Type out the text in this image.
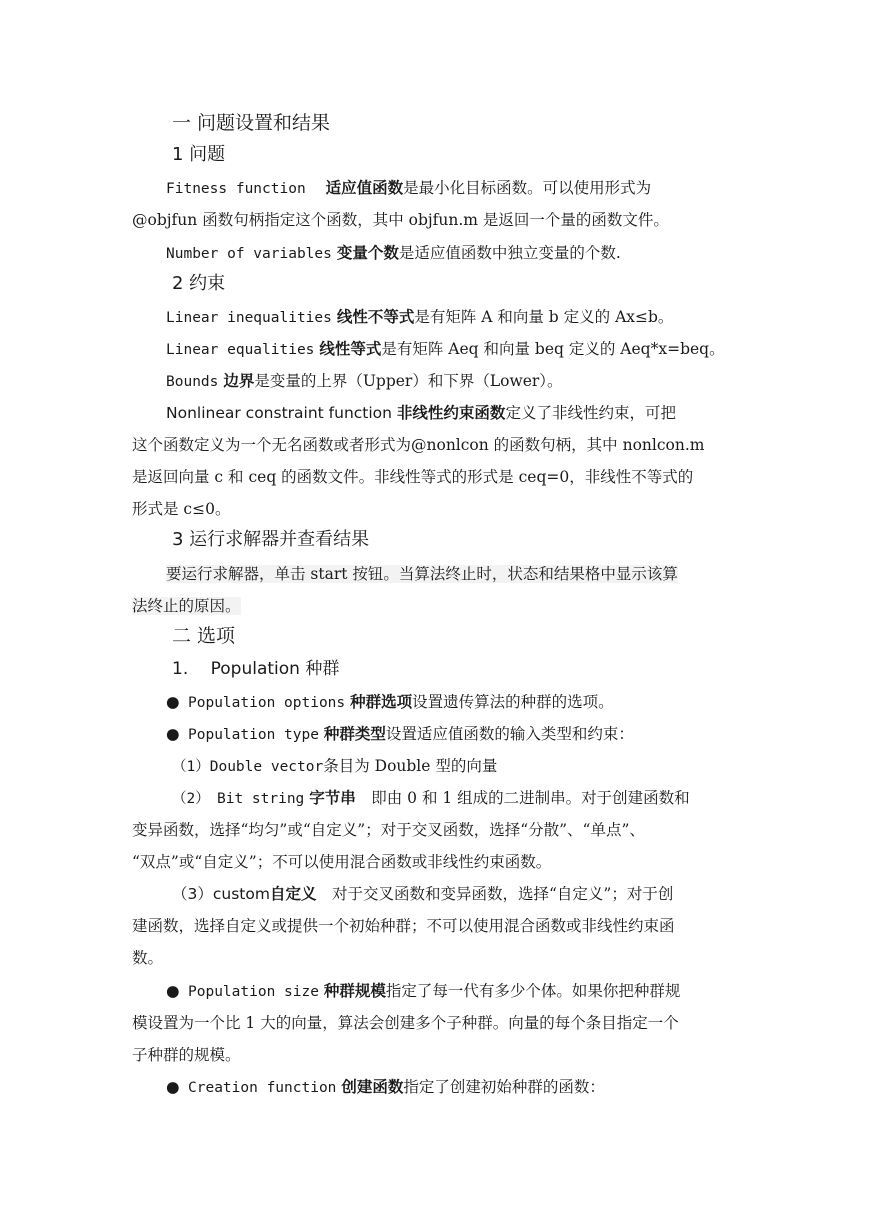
一 问题设置和结果
1 问题
Fitness function 适应值函数是最小化目标函数。可以使用形式为
@objfun 函数句柄指定这个函数，其中 objfun.m 是返回一个量的函数文件。
Number of variables 变量个数是适应值函数中独立变量的个数.
2 约束
Linear inequalities 线性不等式是有矩阵 A 和向量 b 定义的 Ax≤b。
Linear equalities 线性等式是有矩阵 Aeq 和向量 beq 定义的 Aeq*x=beq。
Bounds 边界是变量的上界（Upper）和下界（Lower）。
Nonlinear constraint function 非线性约束函数定义了非线性约束，可把
这个函数定义为一个无名函数或者形式为@nonlcon 的函数句柄，其中 nonlcon.m
是返回向量 c 和 ceq 的函数文件。非线性等式的形式是 ceq=0，非线性不等式的
形式是 c≤0。
3 运行求解器并查看结果
要运行求解器，单击 start 按钮。当算法终止时，状态和结果格中显示该算
法终止的原因。
二 选项
1.　 Population 种群
● Population options 种群选项设置遗传算法的种群的选项。
● Population type 种群类型设置适应值函数的输入类型和约束：
（1）Double vector条目为 Double 型的向量
（2）　Bit string 字节串　即由 0 和 1 组成的二进制串。对于创建函数和
变异函数，选择“均匀”或“自定义”；对于交叉函数，选择“分散”、“单点”、
“双点”或“自定义”；不可以使用混合函数或非线性约束函数。
（3）custom自定义　对于交叉函数和变异函数，选择“自定义”；对于创
建函数，选择自定义或提供一个初始种群；不可以使用混合函数或非线性约束函
数。
● Population size 种群规模指定了每一代有多少个体。如果你把种群规
模设置为一个比 1 大的向量，算法会创建多个子种群。向量的每个条目指定一个
子种群的规模。
● Creation function 创建函数指定了创建初始种群的函数：
